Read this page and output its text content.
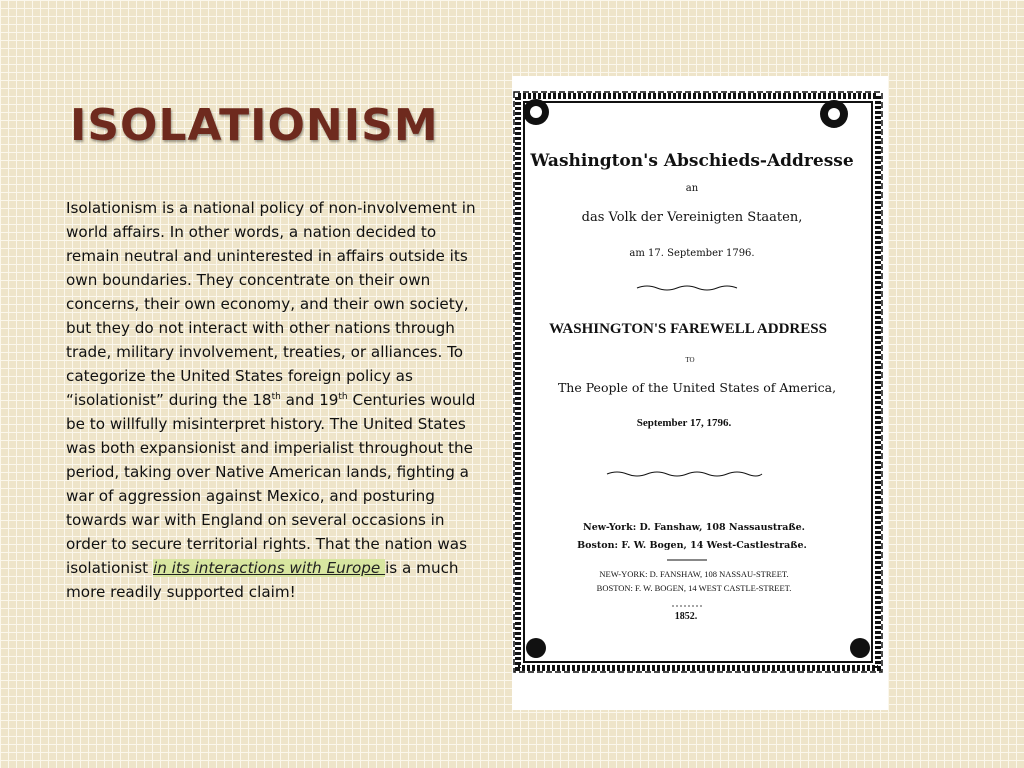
ISOLATIONISM
Isolationism is a national policy of non-involvement in world affairs. In other words, a nation decided to remain neutral and uninterested in affairs outside its own boundaries. They concentrate on their own concerns, their own economy, and their own society, but they do not interact with other nations through trade, military involvement, treaties, or alliances. To categorize the United States foreign policy as “isolationist” during the 18th and 19th Centuries would be to willfully misinterpret history. The United States was both expansionist and imperialist throughout the period, taking over Native American lands, fighting a war of aggression against Mexico, and posturing towards war with England on several occasions in order to secure territorial rights. That the nation was isolationist in its interactions with Europe is a much more readily supported claim!
Washington's Abschieds-Addresse
an
das Volk der Vereinigten Staaten,
am 17. September 1796.
WASHINGTON'S FAREWELL ADDRESS
TO
The People of the United States of America,
September 17, 1796.
New-York: D. Fanshaw, 108 Nassaustraße.
Boston: F. W. Bogen, 14 West-Castlestraße.
NEW-YORK: D. FANSHAW, 108 NASSAU-STREET.
BOSTON: F. W. BOGEN, 14 WEST CASTLE-STREET.
1852.
